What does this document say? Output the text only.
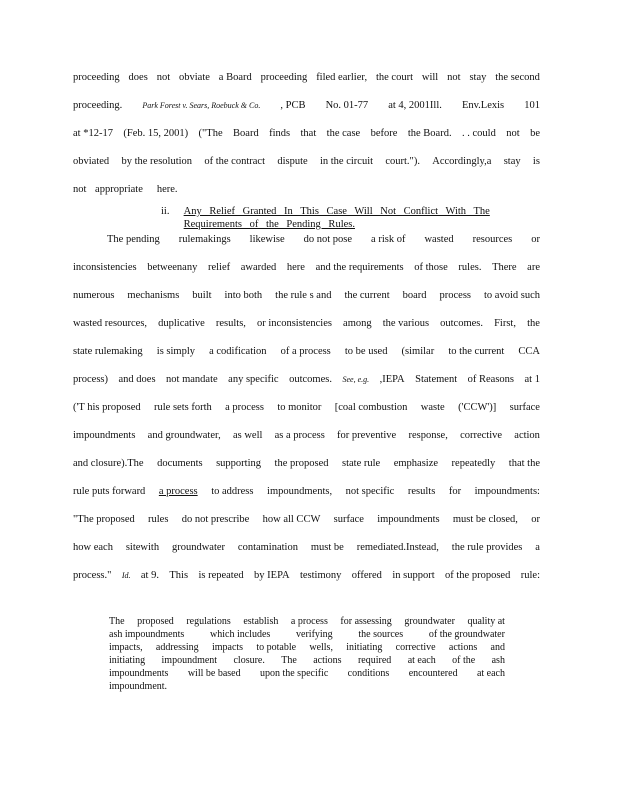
proceeding does not obviate a Board proceeding filed earlier, the court will not stay the second
proceeding.	Park Forest v. Sears, Roebuck & Co. , PCB No. 01-77 at 4, 2001Ill. Env.Lexis 101
at *12-17 (Feb. 15, 2001) ("The Board finds that the case before the Board. . . could not be
obviated by the resolution of the contract dispute in the circuit court."). Accordingly,a stay is
not appropriate here.
ii. Any Relief Granted In This Case Will Not Conflict With The
Requirements of the Pending Rules.
The pending rulemakings likewise do not pose a risk of wasted resources or
inconsistencies betweenany relief awarded here and the requirements of those rules. There are
numerous mechanisms built into both the rule s and the current board process to avoid such
wasted resources, duplicative results, or inconsistencies among the various outcomes. First, the
state rulemaking is simply a codification of a process to be used (similar to the current CCA
process) and does not mandate any specific outcomes. See, e.g. ,IEPA Statement of Reasons at 1
('T his proposed rule sets forth a process to monitor [coal combustion waste ('CCW')] surface
impoundments and groundwater, as well as a process for preventive response, corrective action
and closure).The documents supporting the proposed state rule emphasize repeatedly that the
rule puts forward a process to address impoundments, not specific results for impoundments:
"The proposed rules do not prescribe how all CCW surface impoundments must be closed, or
how each sitewith groundwater contamination must be remediated.Instead, the rule provides a
process." Id. at 9. This is repeated by IEPA testimony offered in support of the proposed rule:
The proposed regulations establish a process for assessing groundwater quality at
ash impoundments	which includes	verifying	the sources	of the groundwater
impacts, addressing impacts to potable wells, initiating corrective actions and
initiating impoundment closure. The actions required at each of the ash
impoundments will be based upon the specific conditions encountered at each
impoundment.
